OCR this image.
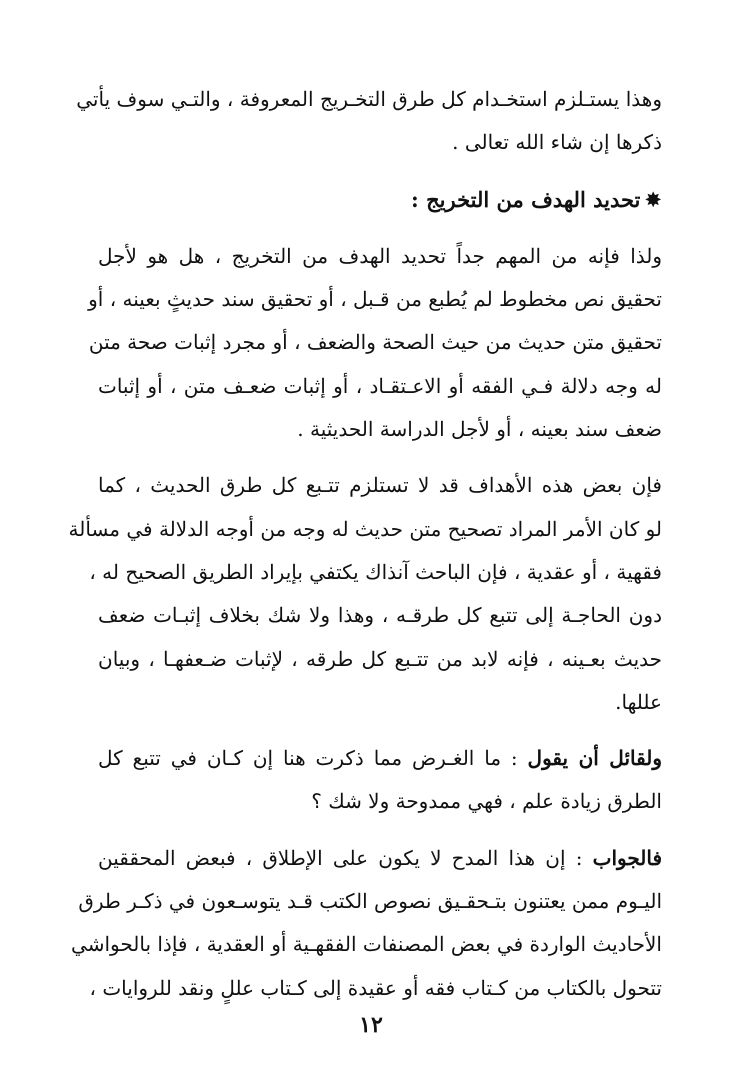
وهذا يستـلزم استخـدام كل طرق التخـريج المعروفة ، والتـي سوف يأتي
ذكرها إن شاء الله تعالى .

✸تحديد الهدف من التخريج :

ولذا فإنه من المهم جداً تحديد الهدف من التخريج ، هل هو لأجل
تحقيق نص مخطوط لم يُطبع من قـبل ، أو تحقيق سند حديثٍ بعينه ، أو
تحقيق متن حديث من حيث الصحة والضعف ، أو مجرد إثبات صحة متن
له وجه دلالة فـي الفقه أو الاعـتقـاد ، أو إثبات ضعـف متن ، أو إثبات
ضعف سند بعينه ، أو لأجل الدراسة الحديثية .

فإن بعض هذه الأهداف قد لا تستلزم تتـبع كل طرق الحديث ، كما
لو كان الأمر المراد تصحيح متن حديث له وجه من أوجه الدلالة في مسألة
فقهية ، أو عقدية ، فإن الباحث آنذاك يكتفي بإيراد الطريق الصحيح له ،
دون الحاجـة إلى تتبع كل طرقـه ، وهذا ولا شك بخلاف إثبـات ضعف
حديث بعـينه ، فإنه لابد من تتـبع كل طرقه ، لإثبات ضـعفهـا ، وبيان
عللها.

ولقائل أن يقول : ما الغـرض مما ذكرت هنا إن كـان في تتبع كل
الطرق زيادة علم ، فهي ممدوحة ولا شك ؟

فالجواب : إن هذا المدح لا يكون على الإطلاق ، فبعض المحققين
اليـوم ممن يعتنون بتـحقـيق نصوص الكتب قـد يتوسـعون في ذكـر طرق
الأحاديث الواردة في بعض المصنفات الفقهـية أو العقدية ، فإذا بالحواشي
تتحول بالكتاب من كـتاب فقه أو عقيدة إلى كـتاب عللٍ ونقد للروايات ،

١٢
